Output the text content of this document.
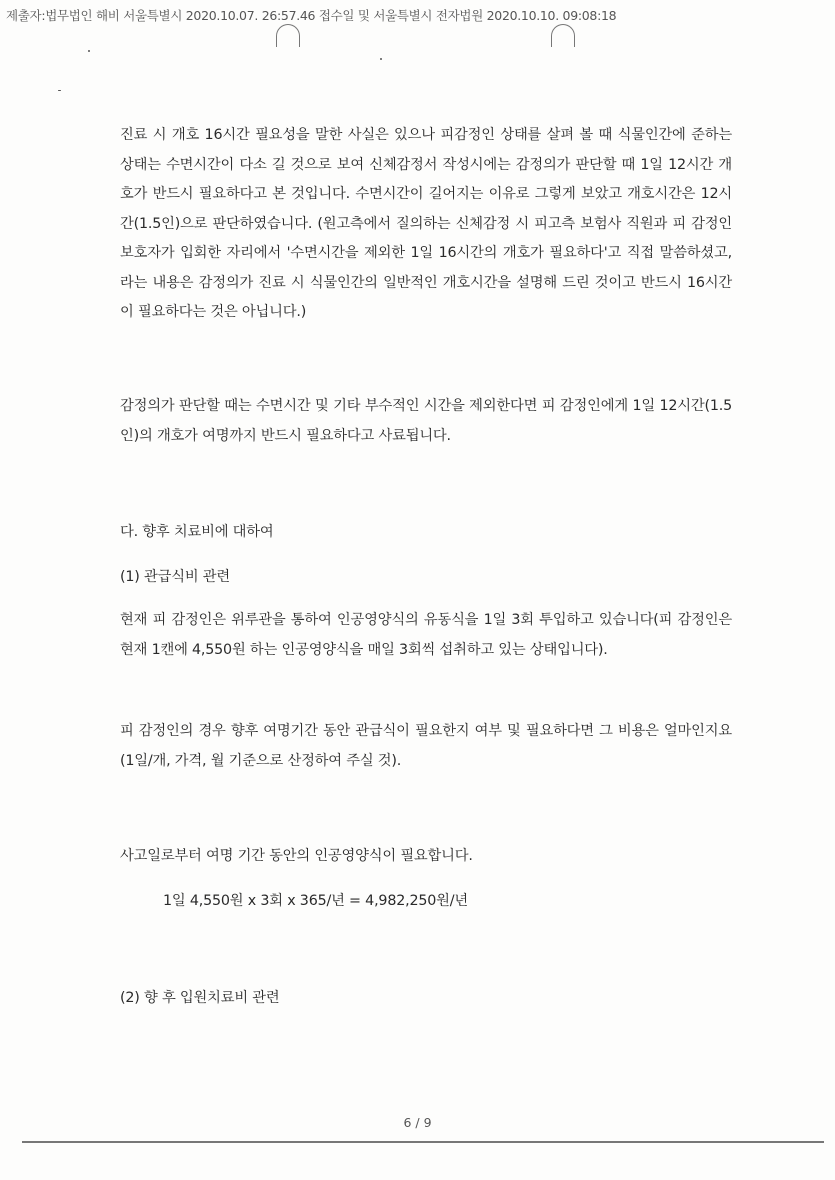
제출자:법무법인 해비 서울특별시 2020.10.07. 26:57.46 접수일 및 서울특별시 전자법원 2020.10.10. 09:08:18
진료 시 개호 16시간 필요성을 말한 사실은 있으나 피감정인 상태를 살펴 볼 때 식물인간에 준하는 상태는 수면시간이 다소 길 것으로 보여 신체감정서 작성시에는 감정의가 판단할 때 1일 12시간 개호가 반드시 필요하다고 본 것입니다. 수면시간이 길어지는 이유로 그렇게 보았고 개호시간은 12시간(1.5인)으로 판단하였습니다. (원고측에서 질의하는 신체감정 시 피고측 보험사 직원과 피 감정인 보호자가 입회한 자리에서 '수면시간을 제외한 1일 16시간의 개호가 필요하다'고 직접 말씀하셨고, 라는 내용은 감정의가 진료 시 식물인간의 일반적인 개호시간을 설명해 드린 것이고 반드시 16시간이 필요하다는 것은 아닙니다.)
감정의가 판단할 때는 수면시간 및 기타 부수적인 시간을 제외한다면 피 감정인에게 1일 12시간(1.5인)의 개호가 여명까지 반드시 필요하다고 사료됩니다.
다. 향후 치료비에 대하여
(1) 관급식비 관련
현재 피 감정인은 위루관을 통하여 인공영양식의 유동식을 1일 3회 투입하고 있습니다(피 감정인은 현재 1캔에 4,550원 하는 인공영양식을 매일 3회씩 섭취하고 있는 상태입니다).
피 감정인의 경우 향후 여명기간 동안 관급식이 필요한지 여부 및 필요하다면 그 비용은 얼마인지요(1일/개, 가격, 월 기준으로 산정하여 주실 것).
사고일로부터 여명 기간 동안의 인공영양식이 필요합니다.
1일 4,550원 x 3회 x 365/년 = 4,982,250원/년
(2) 향 후 입원치료비 관련
6 / 9
